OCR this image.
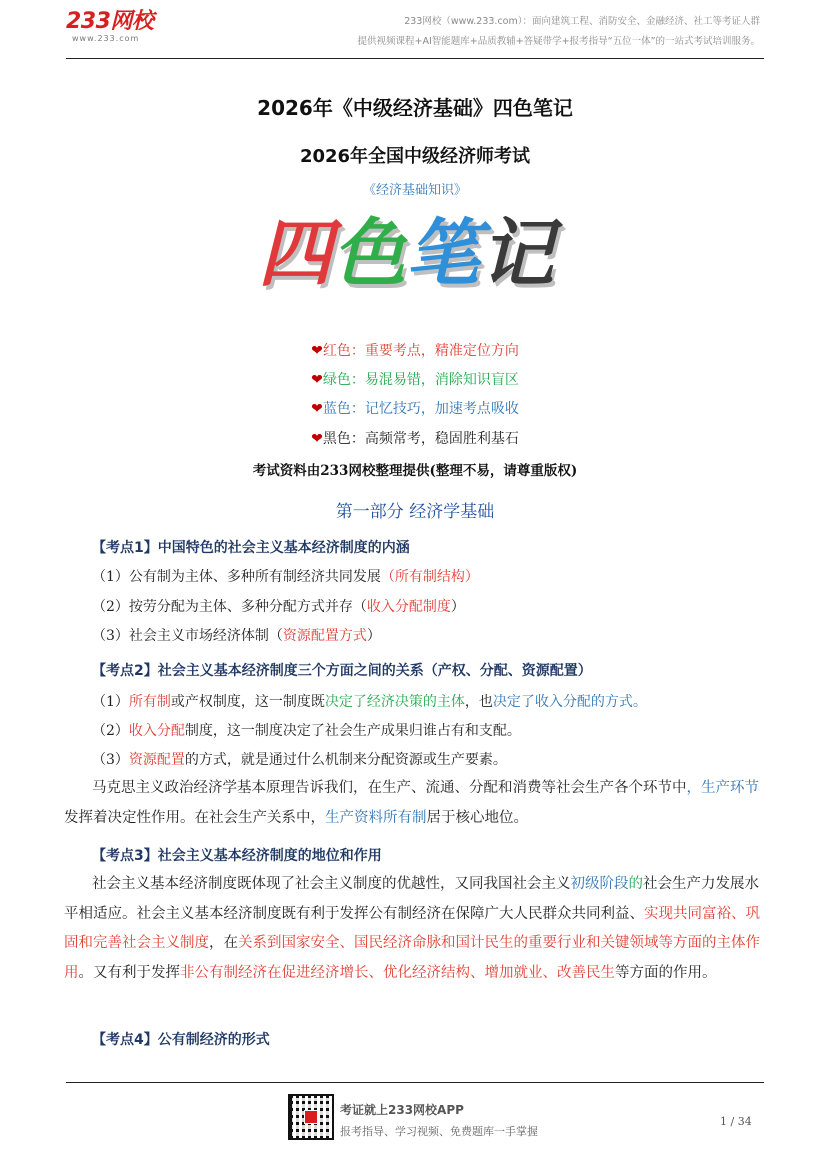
233网校
www.233.com
233网校（www.233.com）：面向建筑工程、消防安全、金融经济、社工等考证人群
提供视频课程+AI智能题库+品质教辅+答疑带学+报考指导“五位一体”的一站式考试培训服务。
2026年《中级经济基础》四色笔记
2026年全国中级经济师考试
《经济基础知识》
四色笔记
❤红色：重要考点，精准定位方向
❤绿色：易混易错，消除知识盲区
❤蓝色：记忆技巧，加速考点吸收
❤黑色：高频常考，稳固胜利基石
考试资料由233网校整理提供(整理不易，请尊重版权)
第一部分 经济学基础
【考点1】中国特色的社会主义基本经济制度的内涵
（1）公有制为主体、多种所有制经济共同发展（所有制结构）
（2）按劳分配为主体、多种分配方式并存（收入分配制度）
（3）社会主义市场经济体制（资源配置方式）
【考点2】社会主义基本经济制度三个方面之间的关系（产权、分配、资源配置）
（1）所有制或产权制度，这一制度既决定了经济决策的主体，也决定了收入分配的方式。
（2）收入分配制度，这一制度决定了社会生产成果归谁占有和支配。
（3）资源配置的方式，就是通过什么机制来分配资源或生产要素。
马克思主义政治经济学基本原理告诉我们，在生产、流通、分配和消费等社会生产各个环节中，生产环节发挥着决定性作用。在社会生产关系中，生产资料所有制居于核心地位。
【考点3】社会主义基本经济制度的地位和作用
社会主义基本经济制度既体现了社会主义制度的优越性，又同我国社会主义初级阶段的社会生产力发展水平相适应。社会主义基本经济制度既有利于发挥公有制经济在保障广大人民群众共同利益、实现共同富裕、巩固和完善社会主义制度，在关系到国家安全、国民经济命脉和国计民生的重要行业和关键领域等方面的主体作用。又有利于发挥非公有制经济在促进经济增长、优化经济结构、增加就业、改善民生等方面的作用。
【考点4】公有制经济的形式
考证就上233网校APP
报考指导、学习视频、免费题库一手掌握
1 / 34
